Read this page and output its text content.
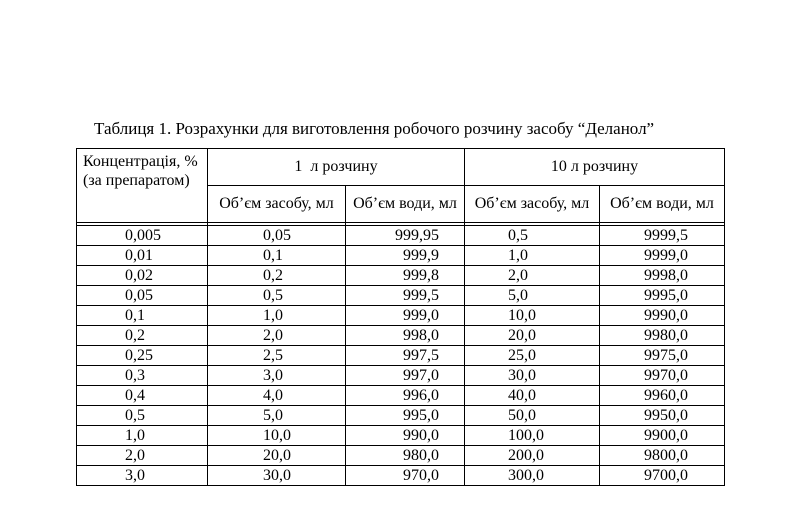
Таблиця 1. Розрахунки для виготовлення робочого розчину засобу “Деланол”
Концентрація, %
(за препаратом)	1  л розчину		10 л розчину	
	Об’єм засобу, мл	Об’єм води, мл	Об’єм засобу, мл	Об’єм води, мл

0,005	0,05	999,95	0,5	9999,5
0,01	0,1	999,9	1,0	9999,0
0,02	0,2	999,8	2,0	9998,0
0,05	0,5	999,5	5,0	9995,0
0,1	1,0	999,0	10,0	9990,0
0,2	2,0	998,0	20,0	9980,0
0,25	2,5	997,5	25,0	9975,0
0,3	3,0	997,0	30,0	9970,0
0,4	4,0	996,0	40,0	9960,0
0,5	5,0	995,0	50,0	9950,0
1,0	10,0	990,0	100,0	9900,0
2,0	20,0	980,0	200,0	9800,0
3,0	30,0	970,0	300,0	9700,0
